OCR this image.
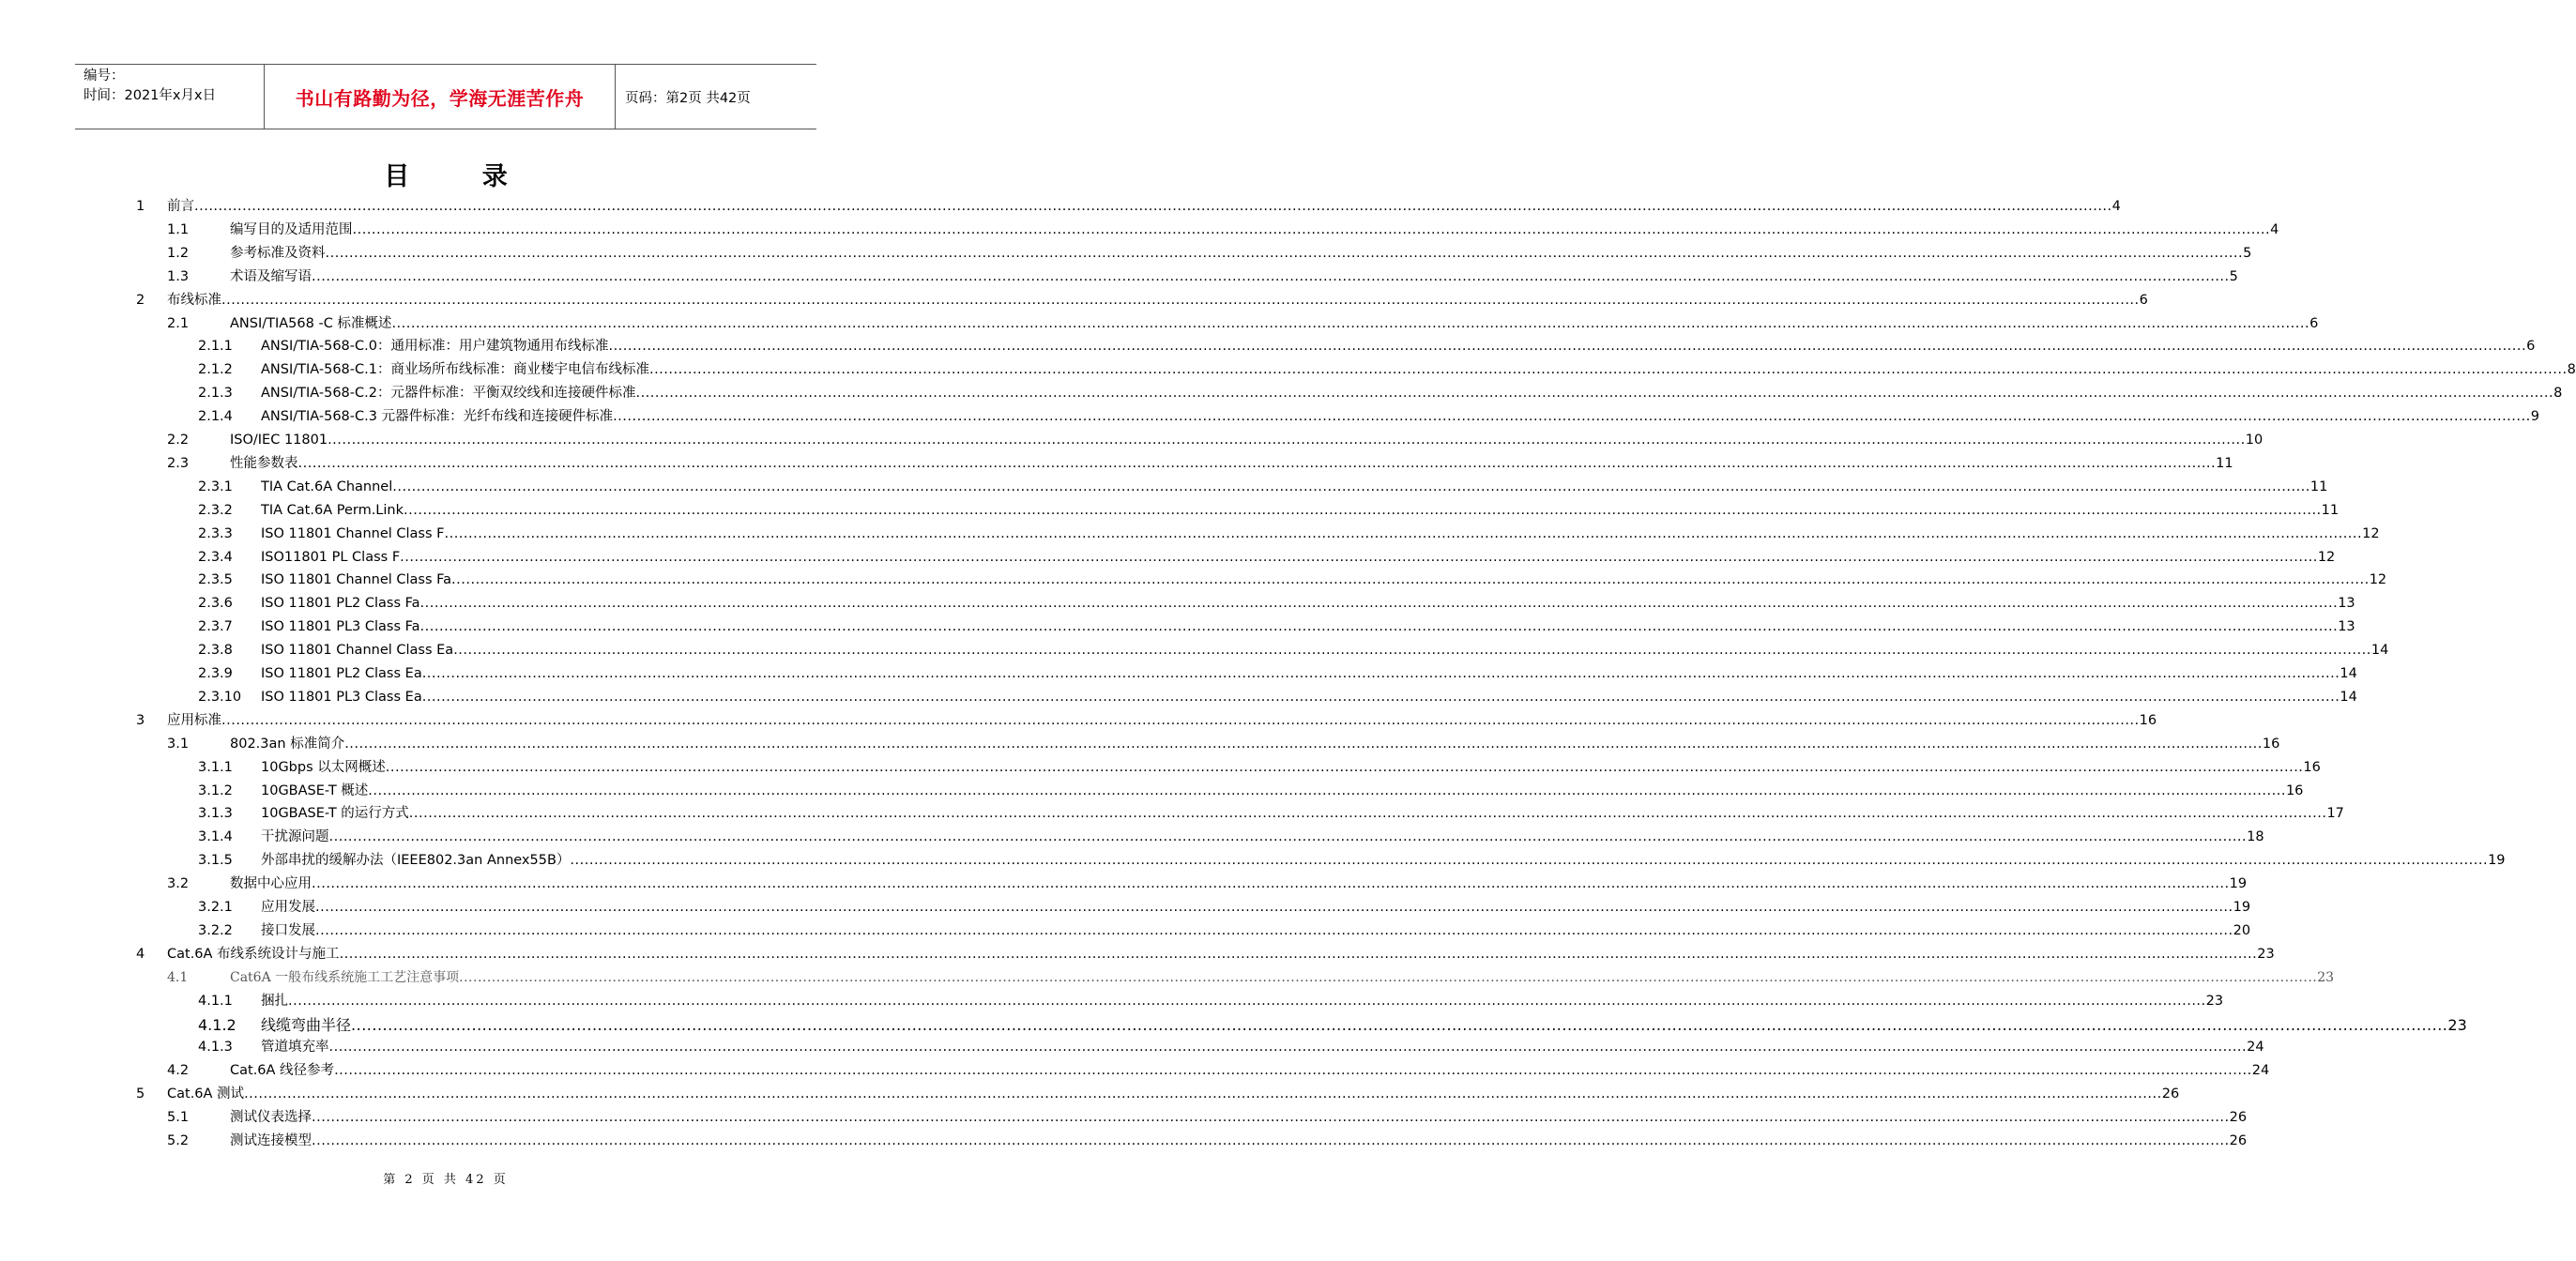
编号：
时间：2021年x月x日	书山有路勤为径，学海无涯苦作舟	页码：第2页 共42页
目 录
1 前言 ................................................................................................................................................................................................................................................................................................................................................................................................................ 4
1.1	编写目的及适用范围 ................................................................................................................................................................................................................................................................................................................................................................................................................ 4
1.2	参考标准及资料 ................................................................................................................................................................................................................................................................................................................................................................................................................ 5
1.3	术语及缩写语 ................................................................................................................................................................................................................................................................................................................................................................................................................ 5
2 布线标准 ................................................................................................................................................................................................................................................................................................................................................................................................................ 6
2.1	ANSI/TIA568 -C 标准概述 ................................................................................................................................................................................................................................................................................................................................................................................................................ 6
2.1.1 ANSI/TIA-568-C.0：通用标准：用户建筑物通用布线标准 ................................................................................................................................................................................................................................................................................................................................................................................................................ 6
2.1.2 ANSI/TIA-568-C.1：商业场所布线标准：商业楼宇电信布线标准 ................................................................................................................................................................................................................................................................................................................................................................................................................ 8
2.1.3 ANSI/TIA-568-C.2：元器件标准：平衡双绞线和连接硬件标准 ................................................................................................................................................................................................................................................................................................................................................................................................................ 8
2.1.4 ANSI/TIA-568-C.3 元器件标准：光纤布线和连接硬件标准 ................................................................................................................................................................................................................................................................................................................................................................................................................ 9
2.2	ISO/IEC 11801 ................................................................................................................................................................................................................................................................................................................................................................................................................ 10
2.3	性能参数表 ................................................................................................................................................................................................................................................................................................................................................................................................................ 11
2.3.1 TIA Cat.6A Channel ................................................................................................................................................................................................................................................................................................................................................................................................................ 11
2.3.2 TIA Cat.6A Perm.Link ................................................................................................................................................................................................................................................................................................................................................................................................................ 11
2.3.3 ISO 11801 Channel Class F ................................................................................................................................................................................................................................................................................................................................................................................................................ 12
2.3.4 ISO11801 PL Class F ................................................................................................................................................................................................................................................................................................................................................................................................................ 12
2.3.5 ISO 11801 Channel Class Fa ................................................................................................................................................................................................................................................................................................................................................................................................................ 12
2.3.6 ISO 11801 PL2 Class Fa ................................................................................................................................................................................................................................................................................................................................................................................................................ 13
2.3.7 ISO 11801 PL3 Class Fa ................................................................................................................................................................................................................................................................................................................................................................................................................ 13
2.3.8 ISO 11801 Channel Class Ea ................................................................................................................................................................................................................................................................................................................................................................................................................ 14
2.3.9 ISO 11801 PL2 Class Ea ................................................................................................................................................................................................................................................................................................................................................................................................................ 14
2.3.10 ISO 11801 PL3 Class Ea ................................................................................................................................................................................................................................................................................................................................................................................................................ 14
3 应用标准 ................................................................................................................................................................................................................................................................................................................................................................................................................ 16
3.1	802.3an 标准简介 ................................................................................................................................................................................................................................................................................................................................................................................................................ 16
3.1.1 10Gbps 以太网概述 ................................................................................................................................................................................................................................................................................................................................................................................................................ 16
3.1.2 10GBASE-T 概述 ................................................................................................................................................................................................................................................................................................................................................................................................................ 16
3.1.3 10GBASE-T 的运行方式 ................................................................................................................................................................................................................................................................................................................................................................................................................ 17
3.1.4 干扰源问题 ................................................................................................................................................................................................................................................................................................................................................................................................................ 18
3.1.5 外部串扰的缓解办法（IEEE802.3an Annex55B） ................................................................................................................................................................................................................................................................................................................................................................................................................ 19
3.2	数据中心应用 ................................................................................................................................................................................................................................................................................................................................................................................................................ 19
3.2.1 应用发展 ................................................................................................................................................................................................................................................................................................................................................................................................................ 19
3.2.2 接口发展 ................................................................................................................................................................................................................................................................................................................................................................................................................ 20
4 Cat.6A 布线系统设计与施工 ................................................................................................................................................................................................................................................................................................................................................................................................................ 23
4.1	Cat6A 一般布线系统施工工艺注意事项 ................................................................................................................................................................................................................................................................................................................................................................................................................ 23
4.1.1 捆扎 ................................................................................................................................................................................................................................................................................................................................................................................................................ 23
4.1.2 线缆弯曲半径 ................................................................................................................................................................................................................................................................................................................................................................................................................ 23
4.1.3 管道填充率 ................................................................................................................................................................................................................................................................................................................................................................................................................ 24
4.2	Cat.6A 线径参考 ................................................................................................................................................................................................................................................................................................................................................................................................................ 24
5 Cat.6A 测试 ................................................................................................................................................................................................................................................................................................................................................................................................................ 26
5.1	测试仪表选择 ................................................................................................................................................................................................................................................................................................................................................................................................................ 26
5.2	测试连接模型 ................................................................................................................................................................................................................................................................................................................................................................................................................ 26
第 2 页 共 42 页
